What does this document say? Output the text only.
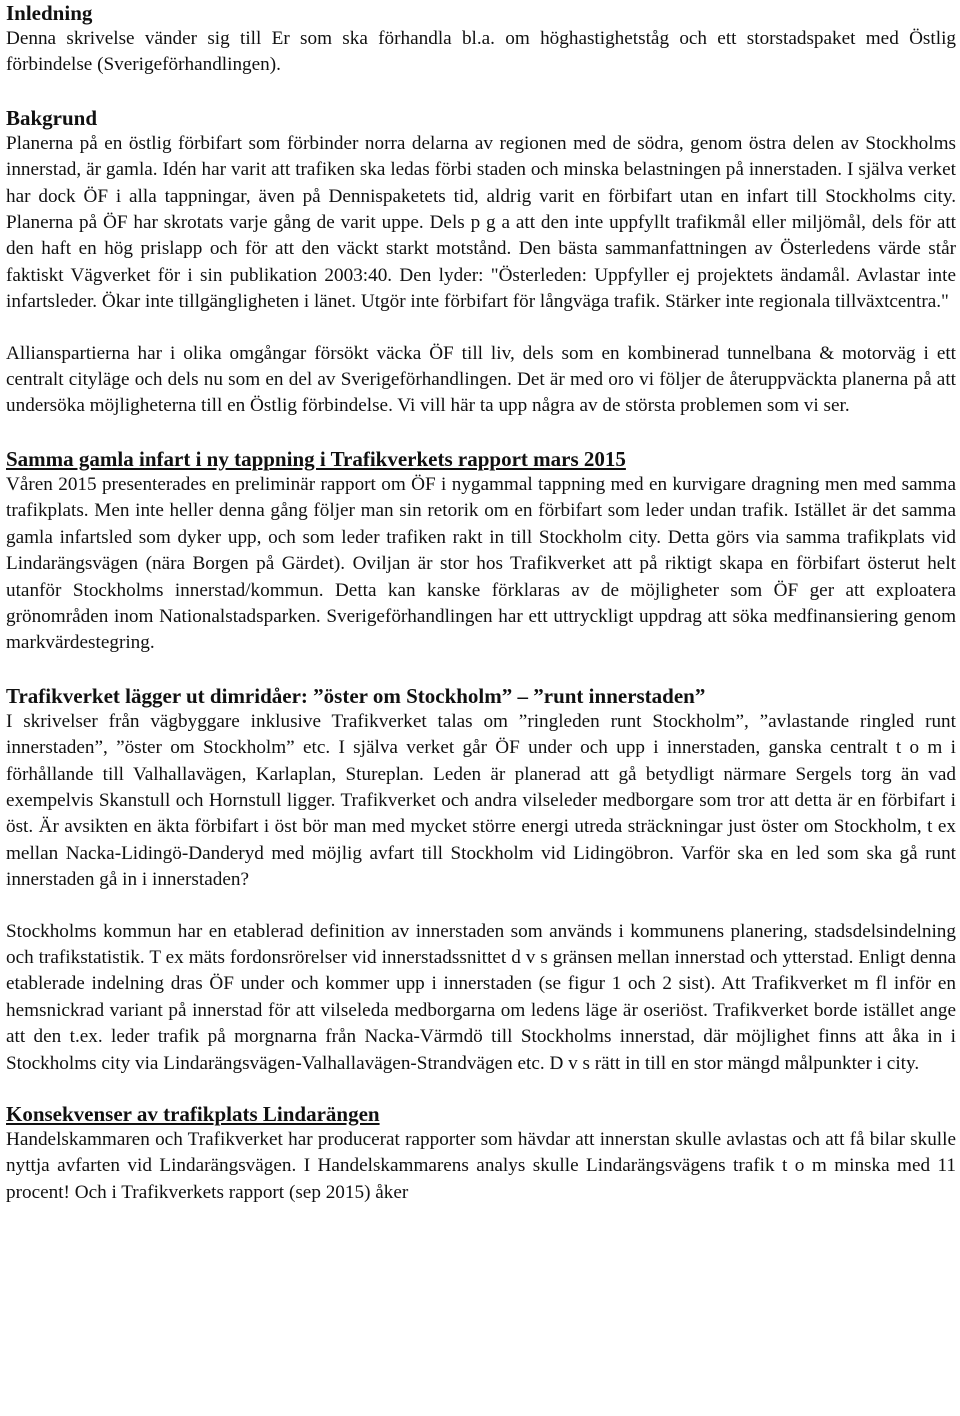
Inledning

Denna skrivelse vänder sig till Er som ska förhandla bl.a. om höghastighetståg och ett storstadspaket med Östlig förbindelse (Sverigeförhandlingen).

Bakgrund

Planerna på en östlig förbifart som förbinder norra delarna av regionen med de södra, genom östra delen av Stockholms innerstad, är gamla. Idén har varit att trafiken ska ledas förbi staden och minska belastningen på innerstaden. I själva verket har dock ÖF i alla tappningar, även på Dennispaketets tid, aldrig varit en förbifart utan en infart till Stockholms city. Planerna på ÖF har skrotats varje gång de varit uppe. Dels p g a att den inte uppfyllt trafikmål eller miljömål, dels för att den haft en hög prislapp och för att den väckt starkt motstånd. Den bästa sammanfattningen av Österledens värde står faktiskt Vägverket för i sin publikation 2003:40. Den lyder: "Österleden: Uppfyller ej projektets ändamål. Avlastar inte infartsleder. Ökar inte tillgängligheten i länet. Utgör inte förbifart för långväga trafik. Stärker inte regionala tillväxtcentra."

Allianspartierna har i olika omgångar försökt väcka ÖF till liv, dels som en kombinerad tunnelbana & motorväg i ett centralt cityläge och dels nu som en del av Sverigeförhandlingen. Det är med oro vi följer de återuppväckta planerna på att undersöka möjligheterna till en Östlig förbindelse. Vi vill här ta upp några av de största problemen som vi ser.

Samma gamla infart i ny tappning i Trafikverkets rapport mars 2015

Våren 2015 presenterades en preliminär rapport om ÖF i nygammal tappning med en kurvigare dragning men med samma trafikplats. Men inte heller denna gång följer man sin retorik om en förbifart som leder undan trafik. Istället är det samma gamla infartsled som dyker upp, och som leder trafiken rakt in till Stockholm city. Detta görs via samma trafikplats vid Lindarängsvägen (nära Borgen på Gärdet). Oviljan är stor hos Trafikverket att på riktigt skapa en förbifart österut helt utanför Stockholms innerstad/kommun. Detta kan kanske förklaras av de möjligheter som ÖF ger att exploatera grönområden inom Nationalstadsparken. Sverigeförhandlingen har ett uttryckligt uppdrag att söka medfinansiering genom markvärdestegring.

Trafikverket lägger ut dimridåer: ”öster om Stockholm” – ”runt innerstaden”

I skrivelser från vägbyggare inklusive Trafikverket talas om ”ringleden runt Stockholm”, ”avlastande ringled runt innerstaden”, ”öster om Stockholm” etc. I själva verket går ÖF under och upp i innerstaden, ganska centralt t o m i förhållande till Valhallavägen, Karlaplan, Stureplan. Leden är planerad att gå betydligt närmare Sergels torg än vad exempelvis Skanstull och Hornstull ligger. Trafikverket och andra vilseleder medborgare som tror att detta är en förbifart i öst. Är avsikten en äkta förbifart i öst bör man med mycket större energi utreda sträckningar just öster om Stockholm, t ex mellan Nacka-Lidingö-Danderyd med möjlig avfart till Stockholm vid Lidingöbron. Varför ska en led som ska gå runt innerstaden gå in i innerstaden?

Stockholms kommun har en etablerad definition av innerstaden som används i kommunens planering, stadsdelsindelning och trafikstatistik. T ex mäts fordonsrörelser vid innerstadssnittet d v s gränsen mellan innerstad och ytterstad. Enligt denna etablerade indelning dras ÖF under och kommer upp i innerstaden (se figur 1 och 2 sist). Att Trafikverket m fl inför en hemsnickrad variant på innerstad för att vilseleda medborgarna om ledens läge är oseriöst. Trafikverket borde istället ange att den t.ex. leder trafik på morgnarna från Nacka-Värmdö till Stockholms innerstad, där möjlighet finns att åka in i Stockholms city via Lindarängsvägen-Valhallavägen-Strandvägen etc. D v s rätt in till en stor mängd målpunkter i city.

Konsekvenser av trafikplats Lindarängen

Handelskammaren och Trafikverket har producerat rapporter som hävdar att innerstan skulle avlastas och att få bilar skulle nyttja avfarten vid Lindarängsvägen. I Handelskammarens analys skulle Lindarängsvägens trafik t o m minska med 11 procent! Och i Trafikverkets rapport (sep 2015) åker
